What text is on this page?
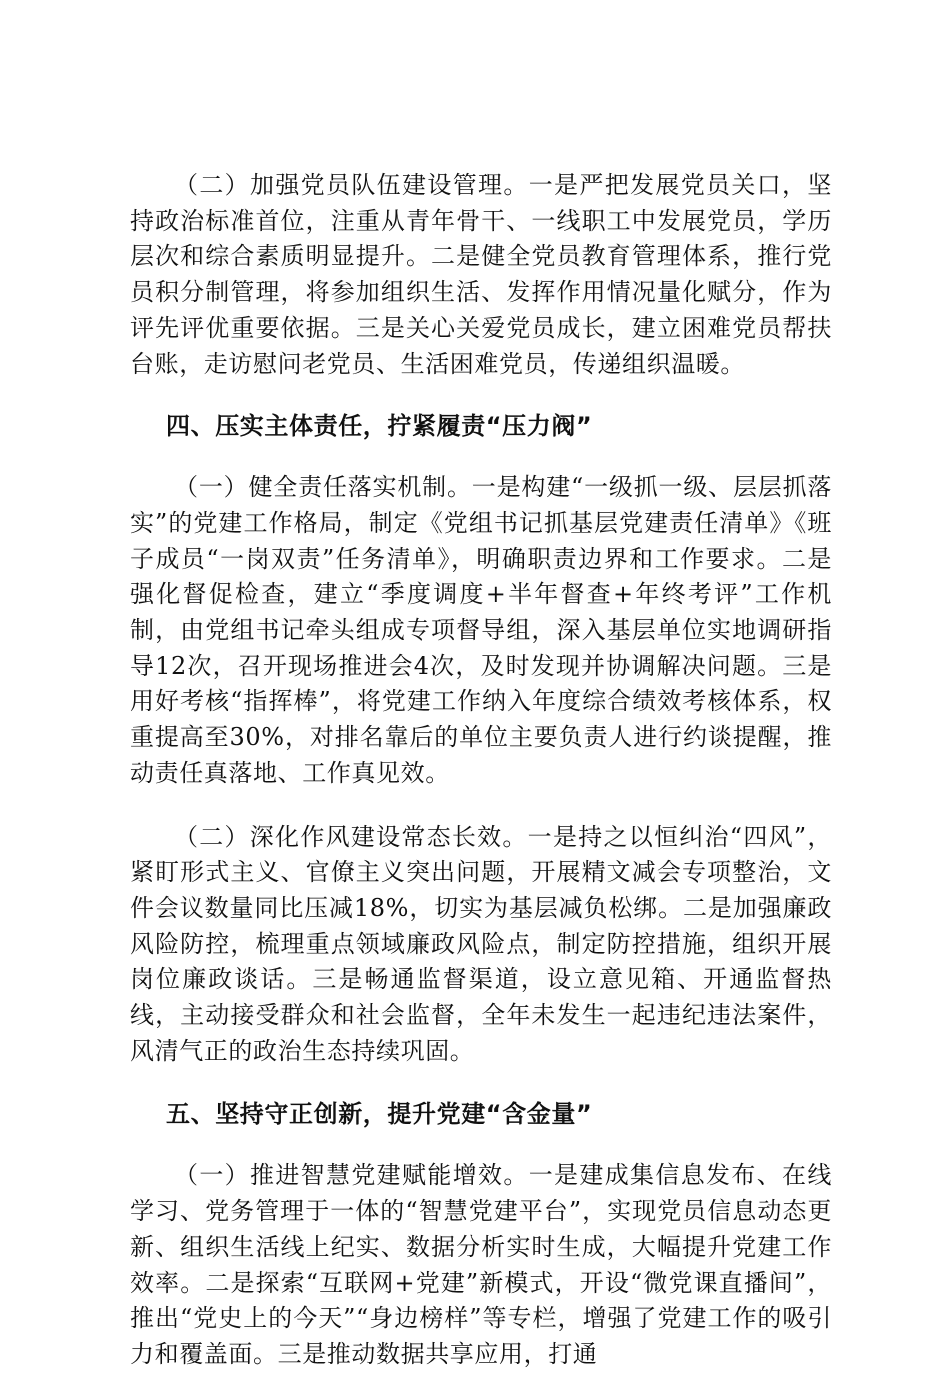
（二）加强党员队伍建设管理。一是严把发展党员关口，坚持政治标准首位，注重从青年骨干、一线职工中发展党员，学历层次和综合素质明显提升。二是健全党员教育管理体系，推行党员积分制管理，将参加组织生活、发挥作用情况量化赋分，作为评先评优重要依据。三是关心关爱党员成长，建立困难党员帮扶台账，走访慰问老党员、生活困难党员，传递组织温暖。

四、压实主体责任，拧紧履责“压力阀”

（一）健全责任落实机制。一是构建“一级抓一级、层层抓落实”的党建工作格局，制定《党组书记抓基层党建责任清单》《班子成员“一岗双责”任务清单》，明确职责边界和工作要求。二是强化督促检查，建立“季度调度+半年督查+年终考评”工作机制，由党组书记牵头组成专项督导组，深入基层单位实地调研指导12次，召开现场推进会4次，及时发现并协调解决问题。三是用好考核“指挥棒”，将党建工作纳入年度综合绩效考核体系，权重提高至30%，对排名靠后的单位主要负责人进行约谈提醒，推动责任真落地、工作真见效。

（二）深化作风建设常态长效。一是持之以恒纠治“四风”，紧盯形式主义、官僚主义突出问题，开展精文减会专项整治，文件会议数量同比压减18%，切实为基层减负松绑。二是加强廉政风险防控，梳理重点领域廉政风险点，制定防控措施，组织开展岗位廉政谈话。三是畅通监督渠道，设立意见箱、开通监督热线，主动接受群众和社会监督，全年未发生一起违纪违法案件，风清气正的政治生态持续巩固。

五、坚持守正创新，提升党建“含金量”

（一）推进智慧党建赋能增效。一是建成集信息发布、在线学习、党务管理于一体的“智慧党建平台”，实现党员信息动态更新、组织生活线上纪实、数据分析实时生成，大幅提升党建工作效率。二是探索“互联网+党建”新模式，开设“微党课直播间”，推出“党史上的今天”“身边榜样”等专栏，增强了党建工作的吸引力和覆盖面。三是推动数据共享应用，打通
